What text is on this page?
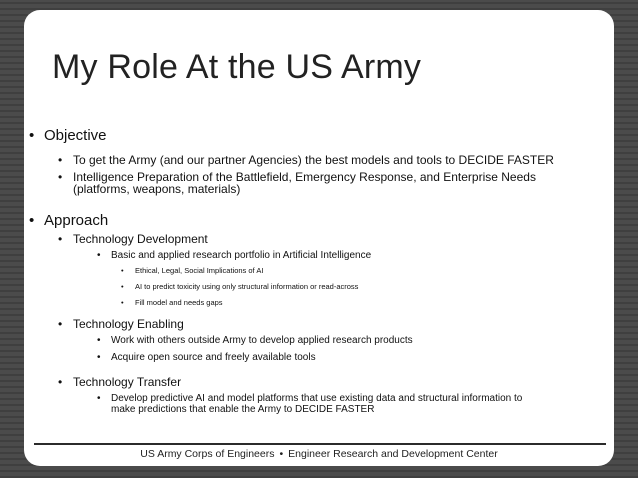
My Role At the US Army
• Objective
• To get the Army (and our partner Agencies) the best models and tools to DECIDE FASTER
• Intelligence Preparation of the Battlefield, Emergency Response, and Enterprise Needs
(platforms, weapons, materials)
• Approach
• Technology Development
• Basic and applied research portfolio in Artificial Intelligence
• Ethical, Legal, Social Implications of AI
• AI to predict toxicity using only structural information or read-across
• Fill model and needs gaps
• Technology Enabling
• Work with others outside Army to develop applied research products
• Acquire open source and freely available tools
• Technology Transfer
• Develop predictive AI and model platforms that use existing data and structural information to
make predictions that enable the Army to DECIDE FASTER
US Army Corps of Engineers • Engineer Research and Development Center
